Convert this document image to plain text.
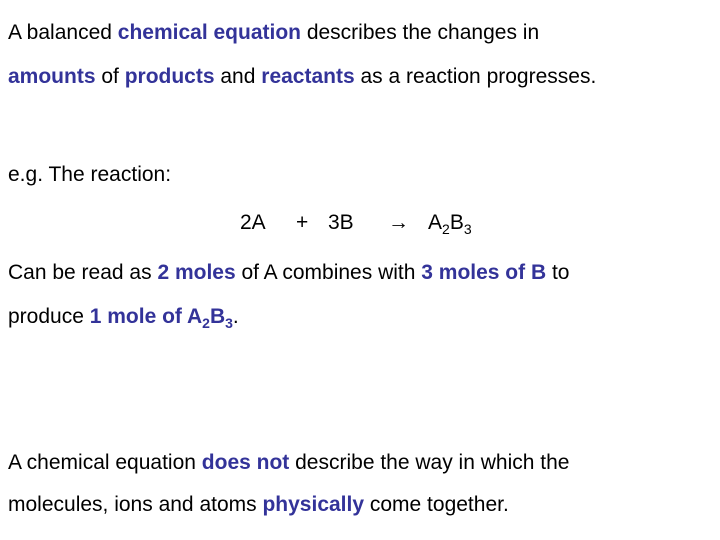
A balanced chemical equation describes the changes in
amounts of products and reactants as a reaction progresses.
e.g. The reaction:
$2A + 3B \to A_2B_3$
Can be read as 2 moles of A combines with 3 moles of B to
produce 1 mole of $A_2B_3$.
A chemical equation does not describe the way in which the
molecules, ions and atoms physically come together.
